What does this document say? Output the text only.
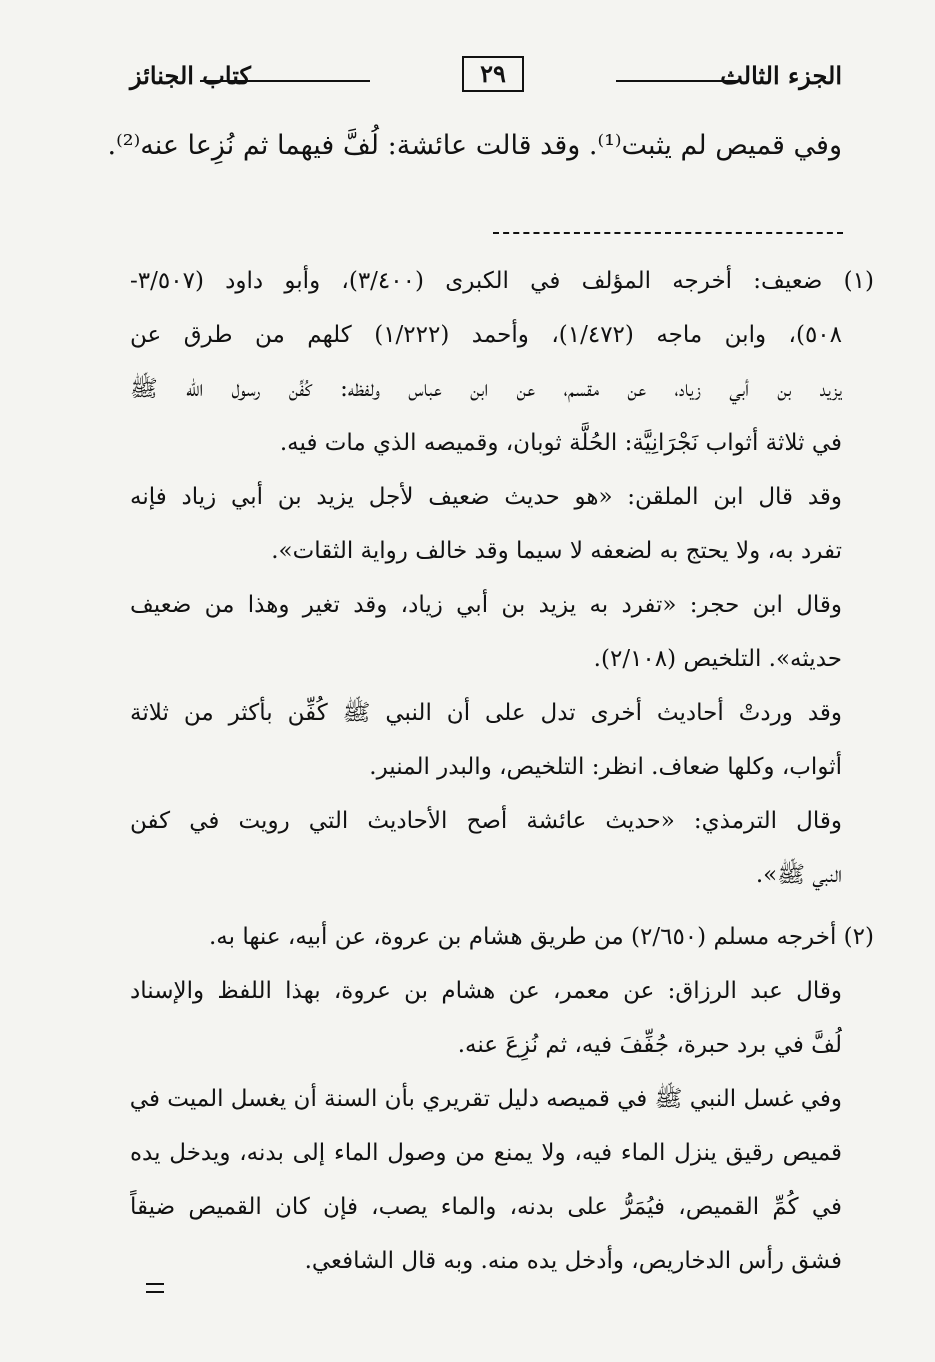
الجزء الثالث
٢٩
كتاب الجنائز
وفي قميص لم يثبت⁽¹⁾. وقد قالت عائشة: لُفَّ فيهما ثم نُزِعا عنه⁽²⁾.
(١) ضعيف: أخرجه المؤلف في الكبرى (٣/٤٠٠)، وأبو داود (٣/٥٠٧-
٥٠٨)، وابن ماجه (١/٤٧٢)، وأحمد (١/٢٢٢) كلهم من طرق عن
يزيد بن أبي زياد، عن مقسم، عن ابن عباس ولفظه: كُفِّن رسول الله ﷺ
في ثلاثة أثواب نَجْرَانِيَّة: الحُلَّة ثوبان، وقميصه الذي مات فيه.
وقد قال ابن الملقن: «هو حديث ضعيف لأجل يزيد بن أبي زياد فإنه
تفرد به، ولا يحتج به لضعفه لا سيما وقد خالف رواية الثقات».
وقال ابن حجر: «تفرد به يزيد بن أبي زياد، وقد تغير وهذا من ضعيف
حديثه». التلخيص (٢/١٠٨).
وقد وردتْ أحاديث أخرى تدل على أن النبي ﷺ كُفِّن بأكثر من ثلاثة
أثواب، وكلها ضعاف. انظر: التلخيص، والبدر المنير.
وقال الترمذي: «حديث عائشة أصح الأحاديث التي رويت في كفن
النبي ﷺ».
(٢) أخرجه مسلم (٢/٦٥٠) من طريق هشام بن عروة، عن أبيه، عنها به.
وقال عبد الرزاق: عن معمر، عن هشام بن عروة، بهذا اللفظ والإسناد
لُفَّ في برد حبرة، جُفِّفَ فيه، ثم نُزِعَ عنه.
وفي غسل النبي ﷺ في قميصه دليل تقريري بأن السنة أن يغسل الميت في
قميص رقيق ينزل الماء فيه، ولا يمنع من وصول الماء إلى بدنه، ويدخل يده
في كُمِّ القميص، فيُمَرُّ على بدنه، والماء يصب، فإن كان القميص ضيقاً
فشق رأس الدخاريص، وأدخل يده منه. وبه قال الشافعي.
